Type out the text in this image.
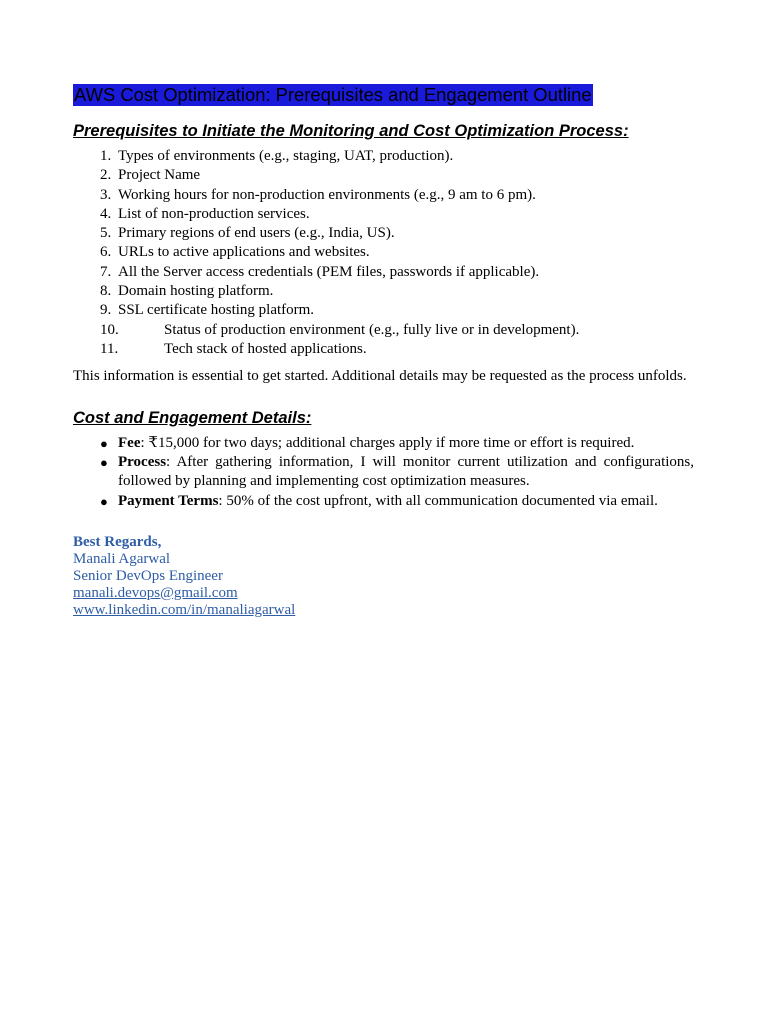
AWS Cost Optimization: Prerequisites and Engagement Outline
Prerequisites to Initiate the Monitoring and Cost Optimization Process:
1. Types of environments (e.g., staging, UAT, production).
2. Project Name
3. Working hours for non-production environments (e.g., 9 am to 6 pm).
4. List of non-production services.
5. Primary regions of end users (e.g., India, US).
6. URLs to active applications and websites.
7. All the Server access credentials (PEM files, passwords if applicable).
8. Domain hosting platform.
9. SSL certificate hosting platform.
10.	Status of production environment (e.g., fully live or in development).
11.	Tech stack of hosted applications.

This information is essential to get started. Additional details may be requested as the process unfolds.

Cost and Engagement Details:
● Fee: ₹15,000 for two days; additional charges apply if more time or effort is required.
● Process: After gathering information, I will monitor current utilization and configurations, followed by planning and implementing cost optimization measures.
● Payment Terms: 50% of the cost upfront, with all communication documented via email.
Best Regards,
Manali Agarwal
Senior DevOps Engineer
manali.devops@gmail.com
www.linkedin.com/in/manaliagarwal
